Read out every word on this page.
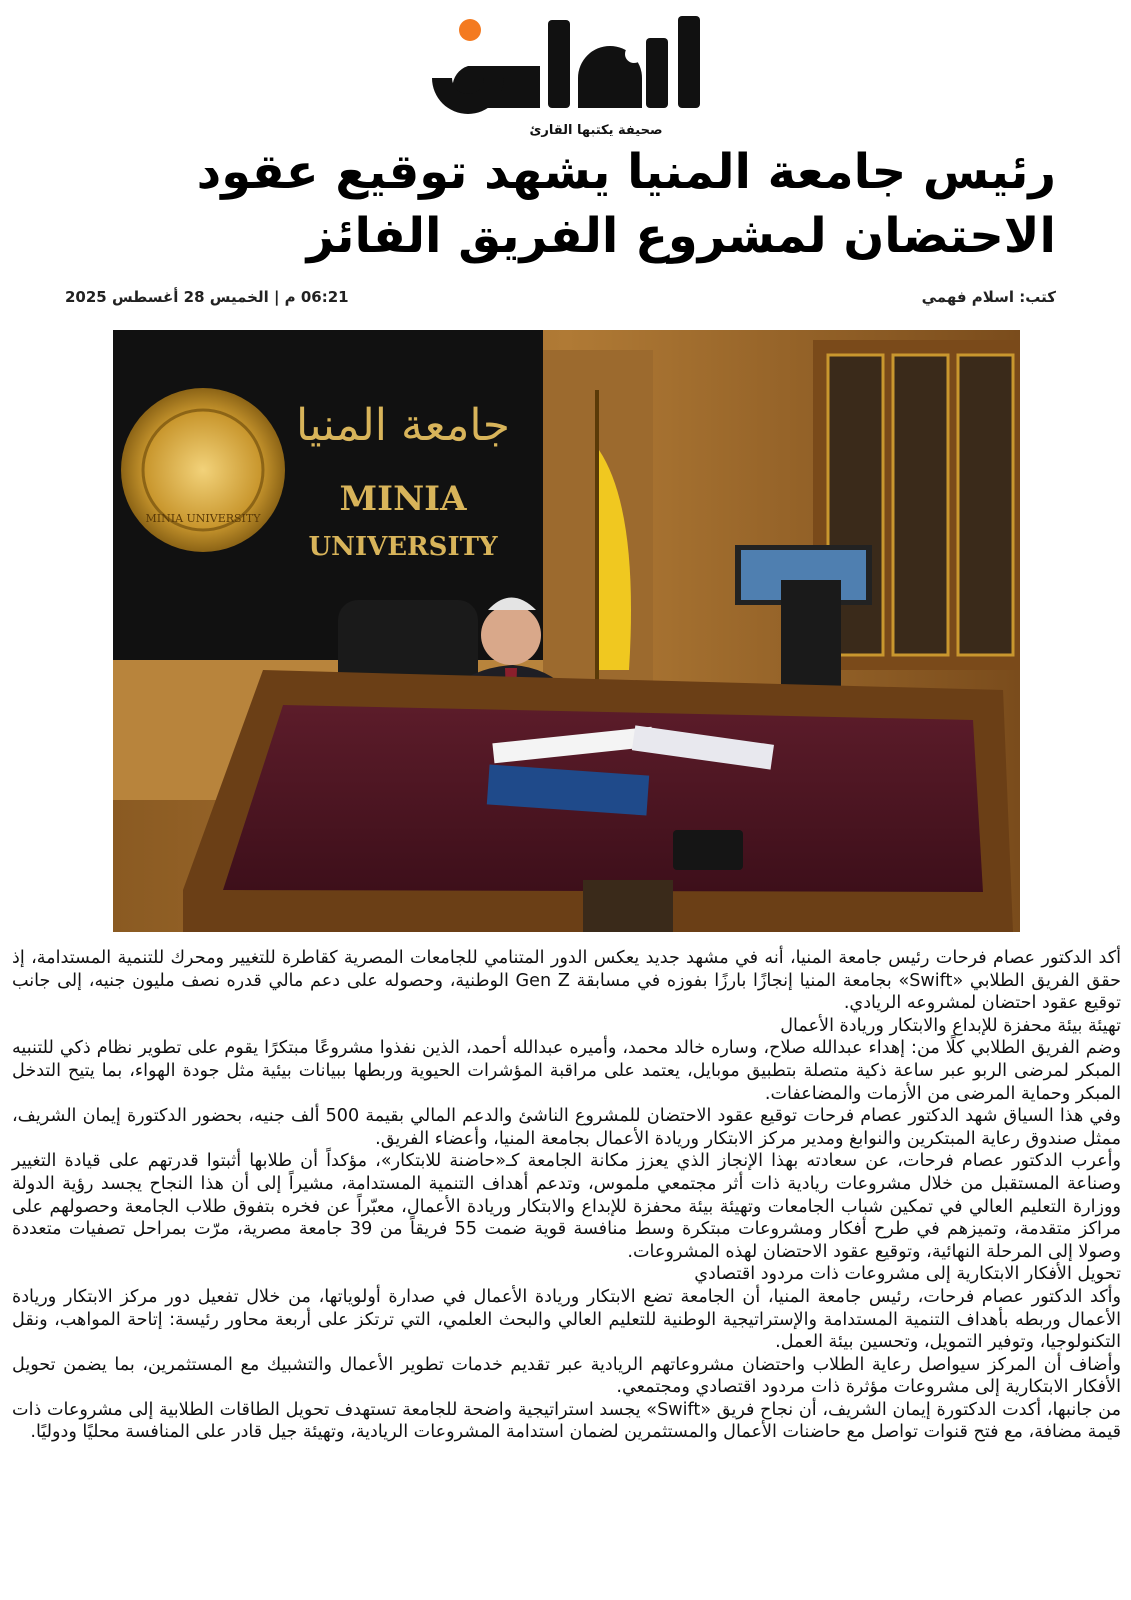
صحيفة يكتبها القارئ
رئيس جامعة المنيا يشهد توقيع عقود
الاحتضان لمشروع الفريق الفائز
كتب: اسلام فهمي
06:21 م | الخميس 28 أغسطس 2025
MINIA UNIVERSITY
جامعة المنيا
MINIA
UNIVERSITY

أكد الدكتور عصام فرحات رئيس جامعة المنيا، أنه في مشهد جديد يعكس الدور المتنامي للجامعات المصرية كقاطرة للتغيير ومحرك للتنمية المستدامة، إذ حقق الفريق الطلابي «Swift» بجامعة المنيا إنجازًا بارزًا بفوزه في مسابقة Gen Z الوطنية، وحصوله على دعم مالي قدره نصف مليون جنيه، إلى جانب توقيع عقود احتضان لمشروعه الريادي.

تهيئة بيئة محفزة للإبداع والابتكار وريادة الأعمال

وضم الفريق الطلابي كلًا من: إهداء عبدالله صلاح، وساره خالد محمد، وأميره عبدالله أحمد، الذين نفذوا مشروعًا مبتكرًا يقوم على تطوير نظام ذكي للتنبيه المبكر لمرضى الربو عبر ساعة ذكية متصلة بتطبيق موبايل، يعتمد على مراقبة المؤشرات الحيوية وربطها ببيانات بيئية مثل جودة الهواء، بما يتيح التدخل المبكر وحماية المرضى من الأزمات والمضاعفات.

وفي هذا السياق شهد الدكتور عصام فرحات توقيع عقود الاحتضان للمشروع الناشئ والدعم المالي بقيمة 500 ألف جنيه، بحضور الدكتورة إيمان الشريف، ممثل صندوق رعاية المبتكرين والنوابغ ومدير مركز الابتكار وريادة الأعمال بجامعة المنيا، وأعضاء الفريق.

وأعرب الدكتور عصام فرحات، عن سعادته بهذا الإنجاز الذي يعزز مكانة الجامعة كـ«حاضنة للابتكار»، مؤكداً أن طلابها أثبتوا قدرتهم على قيادة التغيير وصناعة المستقبل من خلال مشروعات ريادية ذات أثر مجتمعي ملموس، وتدعم أهداف التنمية المستدامة، مشيراً إلى أن هذا النجاح يجسد رؤية الدولة ووزارة التعليم العالي في تمكين شباب الجامعات وتهيئة بيئة محفزة للإبداع والابتكار وريادة الأعمال، معبّراً عن فخره بتفوق طلاب الجامعة وحصولهم على مراكز متقدمة، وتميزهم في طرح أفكار ومشروعات مبتكرة وسط منافسة قوية ضمت 55 فريقاً من 39 جامعة مصرية، مرّت بمراحل تصفيات متعددة وصولا إلى المرحلة النهائية، وتوقيع عقود الاحتضان لهذه المشروعات.

تحويل الأفكار الابتكارية إلى مشروعات ذات مردود اقتصادي

وأكد الدكتور عصام فرحات، رئيس جامعة المنيا، أن الجامعة تضع الابتكار وريادة الأعمال في صدارة أولوياتها، من خلال تفعيل دور مركز الابتكار وريادة الأعمال وربطه بأهداف التنمية المستدامة والإستراتيجية الوطنية للتعليم العالي والبحث العلمي، التي ترتكز على أربعة محاور رئيسة: إتاحة المواهب، ونقل التكنولوجيا، وتوفير التمويل، وتحسين بيئة العمل.

وأضاف أن المركز سيواصل رعاية الطلاب واحتضان مشروعاتهم الريادية عبر تقديم خدمات تطوير الأعمال والتشبيك مع المستثمرين، بما يضمن تحويل الأفكار الابتكارية إلى مشروعات مؤثرة ذات مردود اقتصادي ومجتمعي.

من جانبها، أكدت الدكتورة إيمان الشريف، أن نجاح فريق «Swift» يجسد استراتيجية واضحة للجامعة تستهدف تحويل الطاقات الطلابية إلى مشروعات ذات قيمة مضافة، مع فتح قنوات تواصل مع حاضنات الأعمال والمستثمرين لضمان استدامة المشروعات الريادية، وتهيئة جيل قادر على المنافسة محليًا ودوليًا.
